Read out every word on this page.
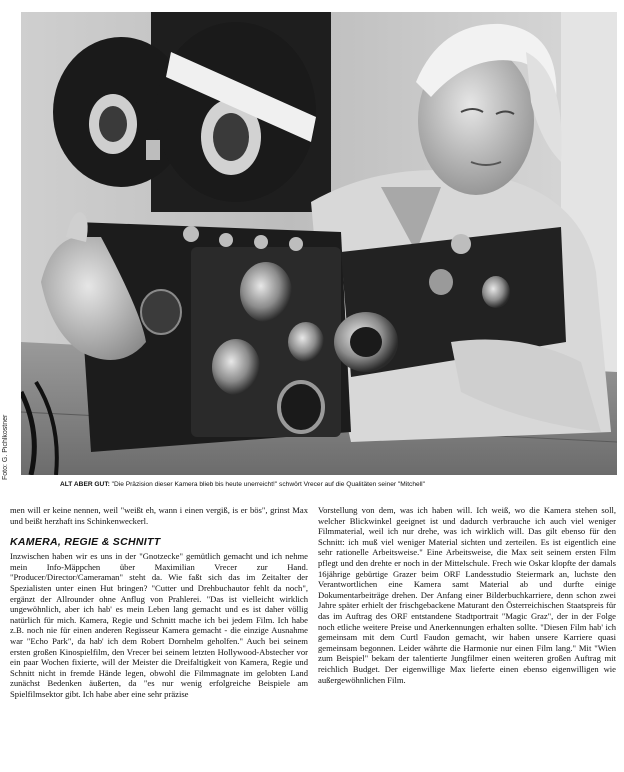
Foto: G. Pichlkostner
ALT ABER GUT: "Die Präzision dieser Kamera blieb bis heute unerreicht!" schwört Vrecer auf die Qualitäten seiner "Mitchell"

men will er keine nennen, weil "weißt eh, wann i einen vergiß, is er bös", grinst Max und beißt herzhaft ins Schinkenweckerl.

KAMERA, REGIE & SCHNITT

Inzwischen haben wir es uns in der "Gnotzecke" gemütlich gemacht und ich nehme mein Info-Mäppchen über Maximilian Vrecer zur Hand. "Producer/Director/Cameraman" steht da. Wie faßt sich das im Zeitalter der Spezialisten unter einen Hut bringen? "Cutter und Drehbuchautor fehlt da noch", ergänzt der Allrounder ohne Anflug von Prahlerei. "Das ist vielleicht wirklich ungewöhnlich, aber ich hab' es mein Leben lang gemacht und es ist daher völlig natürlich für mich. Kamera, Regie und Schnitt mache ich bei jedem Film. Ich habe z.B. noch nie für einen anderen Regisseur Kamera gemacht - die einzige Ausnahme war "Echo Park", da hab' ich dem Robert Dornhelm geholfen." Auch bei seinem ersten großen Kinospielfilm, den Vrecer bei seinem letzten Hollywood-Abstecher vor ein paar Wochen fixierte, will der Meister die Dreifaltigkeit von Kamera, Regie und Schnitt nicht in fremde Hände legen, obwohl die Filmmagnate im gelobten Land zunächst Bedenken äußerten, da "es nur wenig erfolgreiche Beispiele am Spielfilmsektor gibt. Ich habe aber eine sehr präzise

Vorstellung von dem, was ich haben will. Ich weiß, wo die Kamera stehen soll, welcher Blickwinkel geeignet ist und dadurch verbrauche ich auch viel weniger Filmmaterial, weil ich nur drehe, was ich wirklich will. Das gilt ebenso für den Schnitt: ich muß viel weniger Material sichten und zerteilen. Es ist eigentlich eine sehr rationelle Arbeitsweise." Eine Arbeitsweise, die Max seit seinem ersten Film pflegt und den drehte er noch in der Mittelschule. Frech wie Oskar klopfte der damals 16jährige gebürtige Grazer beim ORF Landesstudio Steiermark an, luchste den Verantwortlichen eine Kamera samt Material ab und durfte einige Dokumentarbeiträge drehen. Der Anfang einer Bilderbuchkarriere, denn schon zwei Jahre später erhielt der frischgebackene Maturant den Österreichischen Staatspreis für das im Auftrag des ORF entstandene Stadtportrait "Magic Graz", der in der Folge noch etliche weitere Preise und Anerkennungen erhalten sollte. "Diesen Film hab' ich gemeinsam mit dem Curtl Faudon gemacht, wir haben unsere Karriere quasi gemeinsam begonnen. Leider währte die Harmonie nur einen Film lang." Mit "Wien zum Beispiel" bekam der talentierte Jungfilmer einen weiteren großen Auftrag mit reichlich Budget. Der eigenwillige Max lieferte einen ebenso eigenwilligen wie außergewöhnlichen Film.
